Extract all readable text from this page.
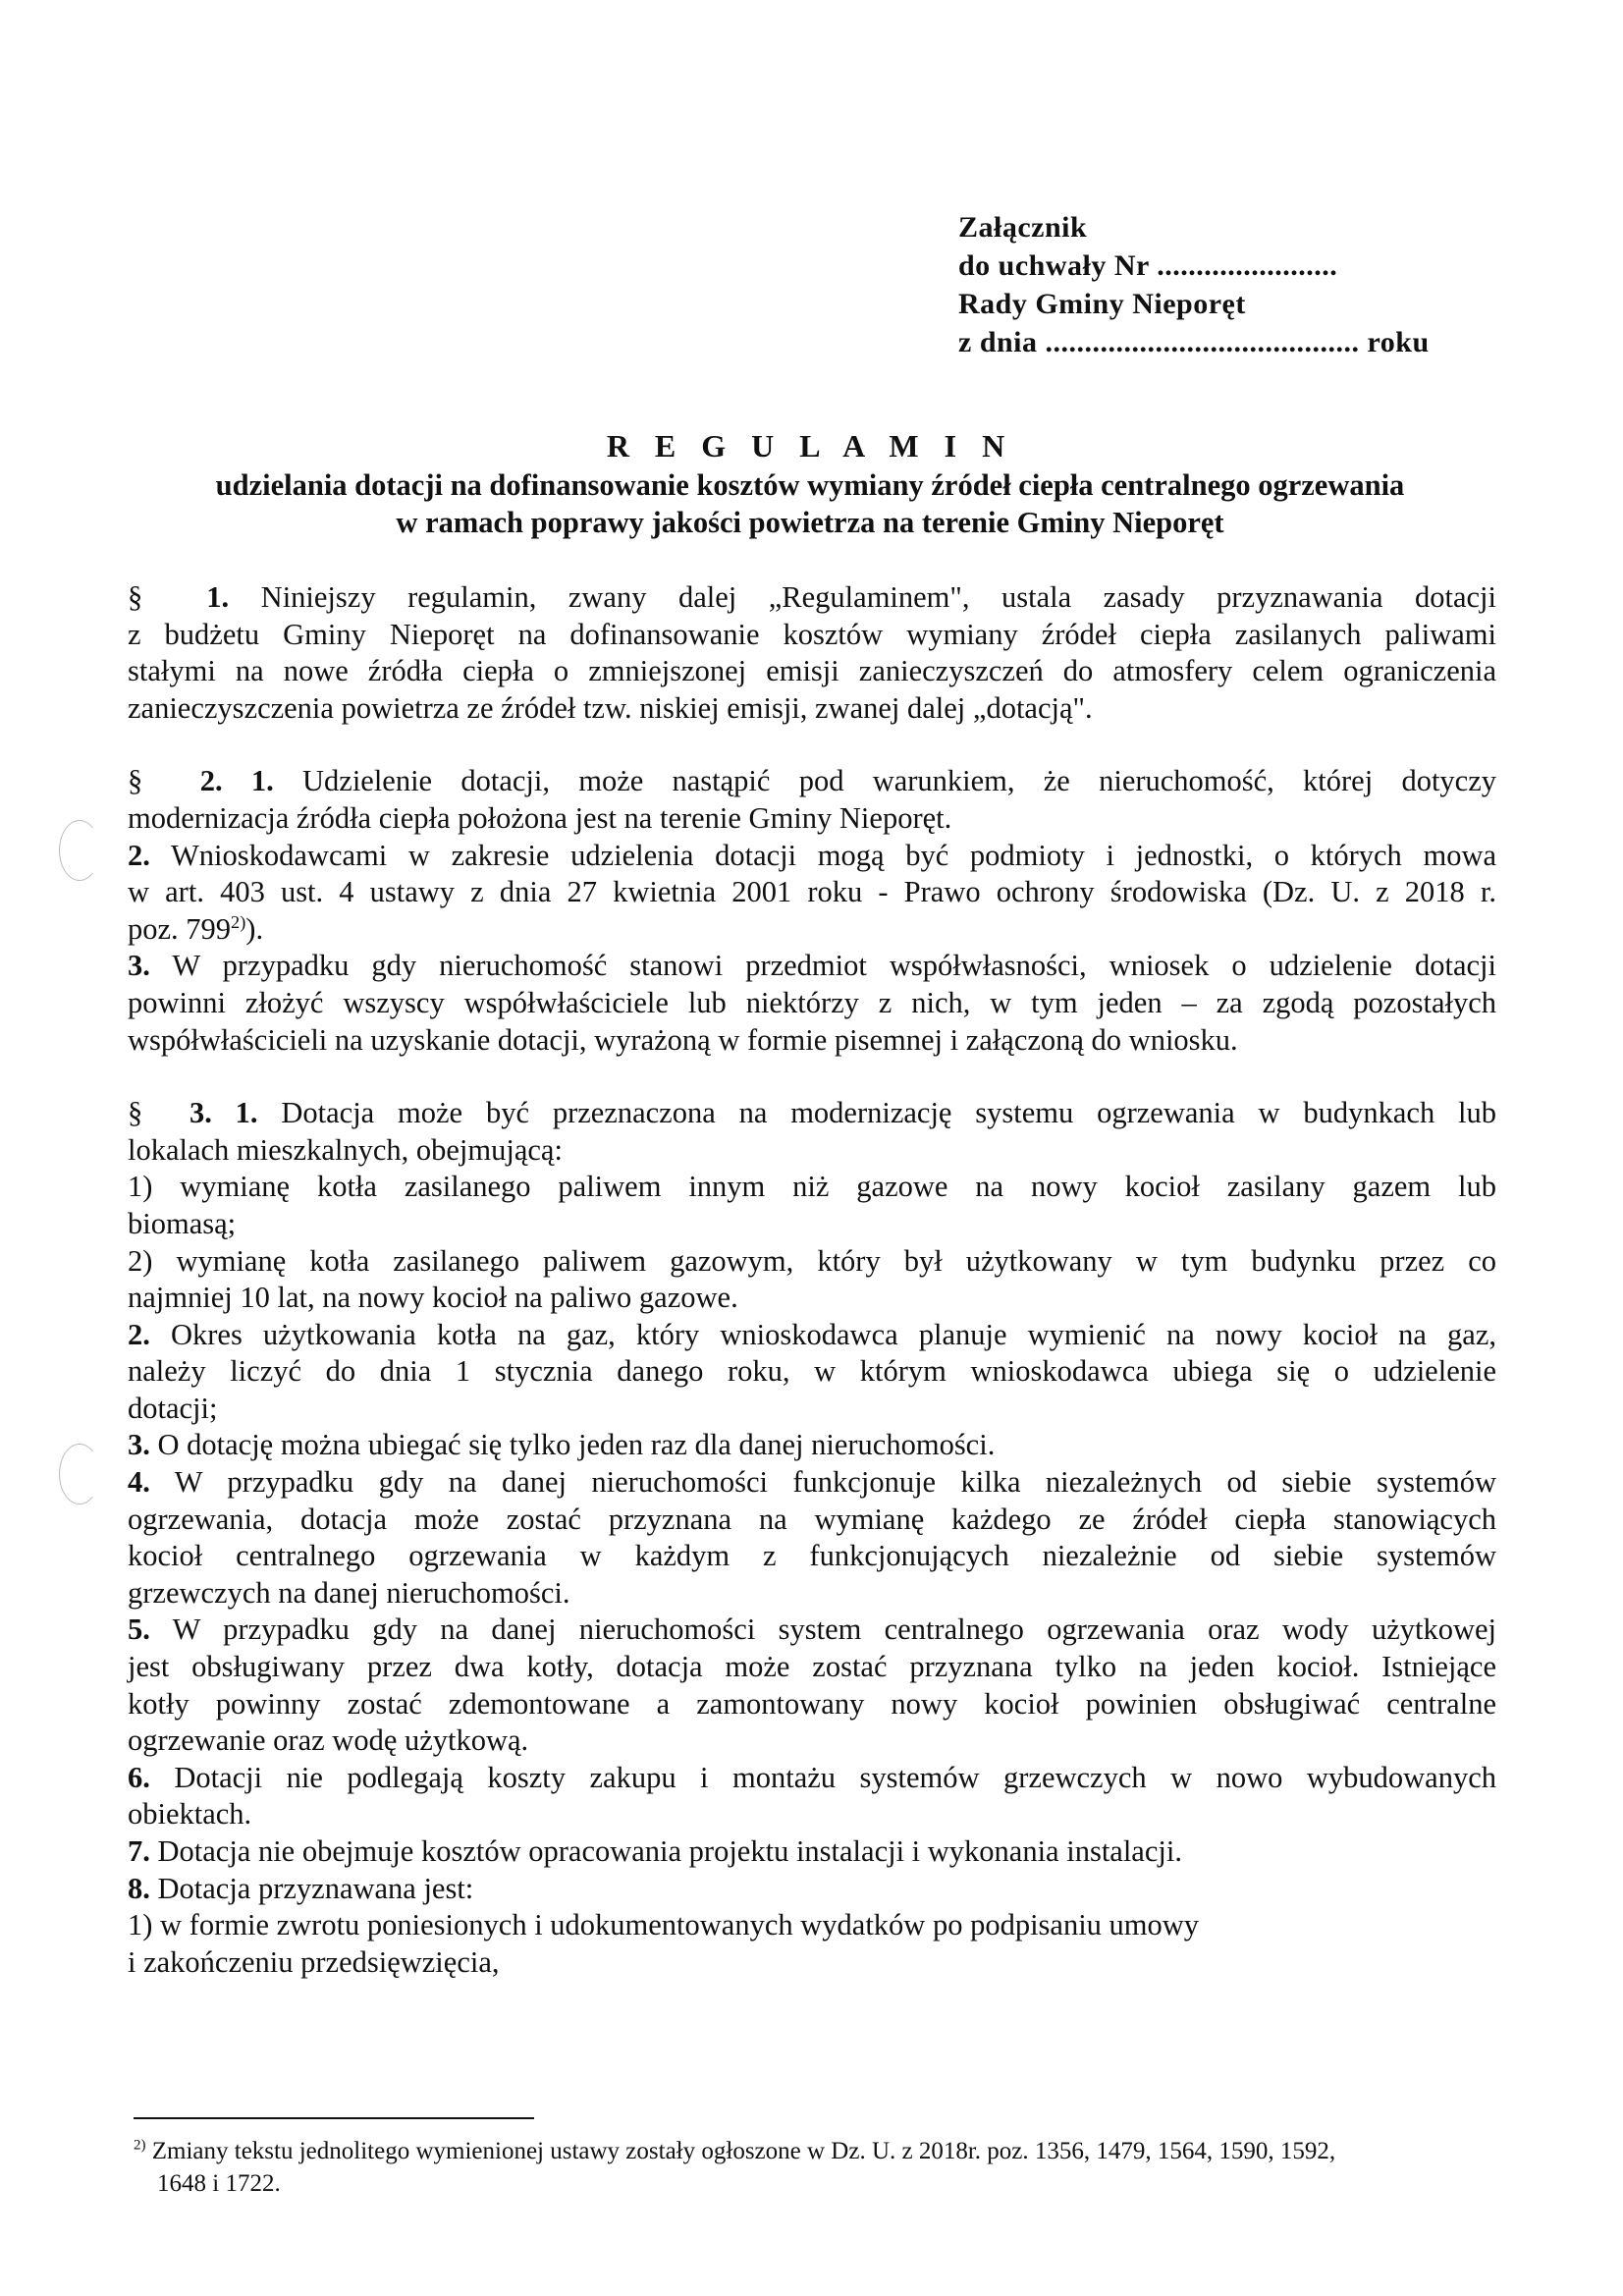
Załącznik
do uchwały Nr .......................
Rady Gminy Nieporęt
z dnia ........................................ roku
R E G U L A M I N
udzielania dotacji na dofinansowanie kosztów wymiany źródeł ciepła centralnego ogrzewania
w ramach poprawy jakości powietrza na terenie Gminy Nieporęt
§ 1. Niniejszy regulamin, zwany dalej „Regulaminem", ustala zasady przyznawania dotacji
z budżetu Gminy Nieporęt na dofinansowanie kosztów wymiany źródeł ciepła zasilanych paliwami
stałymi na nowe źródła ciepła o zmniejszonej emisji zanieczyszczeń do atmosfery celem ograniczenia
zanieczyszczenia powietrza ze źródeł tzw. niskiej emisji, zwanej dalej „dotacją".
§ 2. 1. Udzielenie dotacji, może nastąpić pod warunkiem, że nieruchomość, której dotyczy
modernizacja źródła ciepła położona jest na terenie Gminy Nieporęt.
2. Wnioskodawcami w zakresie udzielenia dotacji mogą być podmioty i jednostki, o których mowa
w art. 403 ust. 4 ustawy z dnia 27 kwietnia 2001 roku - Prawo ochrony środowiska (Dz. U. z 2018 r.
poz. 799$^{2)}$).
3. W przypadku gdy nieruchomość stanowi przedmiot współwłasności, wniosek o udzielenie dotacji
powinni złożyć wszyscy współwłaściciele lub niektórzy z nich, w tym jeden – za zgodą pozostałych
współwłaścicieli na uzyskanie dotacji, wyrażoną w formie pisemnej i załączoną do wniosku.
§ 3. 1. Dotacja może być przeznaczona na modernizację systemu ogrzewania w budynkach lub
lokalach mieszkalnych, obejmującą:
1) wymianę kotła zasilanego paliwem innym niż gazowe na nowy kocioł zasilany gazem lub
biomasą;
2) wymianę kotła zasilanego paliwem gazowym, który był użytkowany w tym budynku przez co
najmniej 10 lat, na nowy kocioł na paliwo gazowe.
2. Okres użytkowania kotła na gaz, który wnioskodawca planuje wymienić na nowy kocioł na gaz,
należy liczyć do dnia 1 stycznia danego roku, w którym wnioskodawca ubiega się o udzielenie
dotacji;
3. O dotację można ubiegać się tylko jeden raz dla danej nieruchomości.
4. W przypadku gdy na danej nieruchomości funkcjonuje kilka niezależnych od siebie systemów
ogrzewania, dotacja może zostać przyznana na wymianę każdego ze źródeł ciepła stanowiących
kocioł centralnego ogrzewania w każdym z funkcjonujących niezależnie od siebie systemów
grzewczych na danej nieruchomości.
5. W przypadku gdy na danej nieruchomości system centralnego ogrzewania oraz wody użytkowej
jest obsługiwany przez dwa kotły, dotacja może zostać przyznana tylko na jeden kocioł. Istniejące
kotły powinny zostać zdemontowane a zamontowany nowy kocioł powinien obsługiwać centralne
ogrzewanie oraz wodę użytkową.
6. Dotacji nie podlegają koszty zakupu i montażu systemów grzewczych w nowo wybudowanych
obiektach.
7. Dotacja nie obejmuje kosztów opracowania projektu instalacji i wykonania instalacji.
8. Dotacja przyznawana jest:
1) w formie zwrotu poniesionych i udokumentowanych wydatków po podpisaniu umowy
i zakończeniu przedsięwzięcia,
$^{2)}$ Zmiany tekstu jednolitego wymienionej ustawy zostały ogłoszone w Dz. U. z 2018r. poz. 1356, 1479, 1564, 1590, 1592,
1648 i 1722.
